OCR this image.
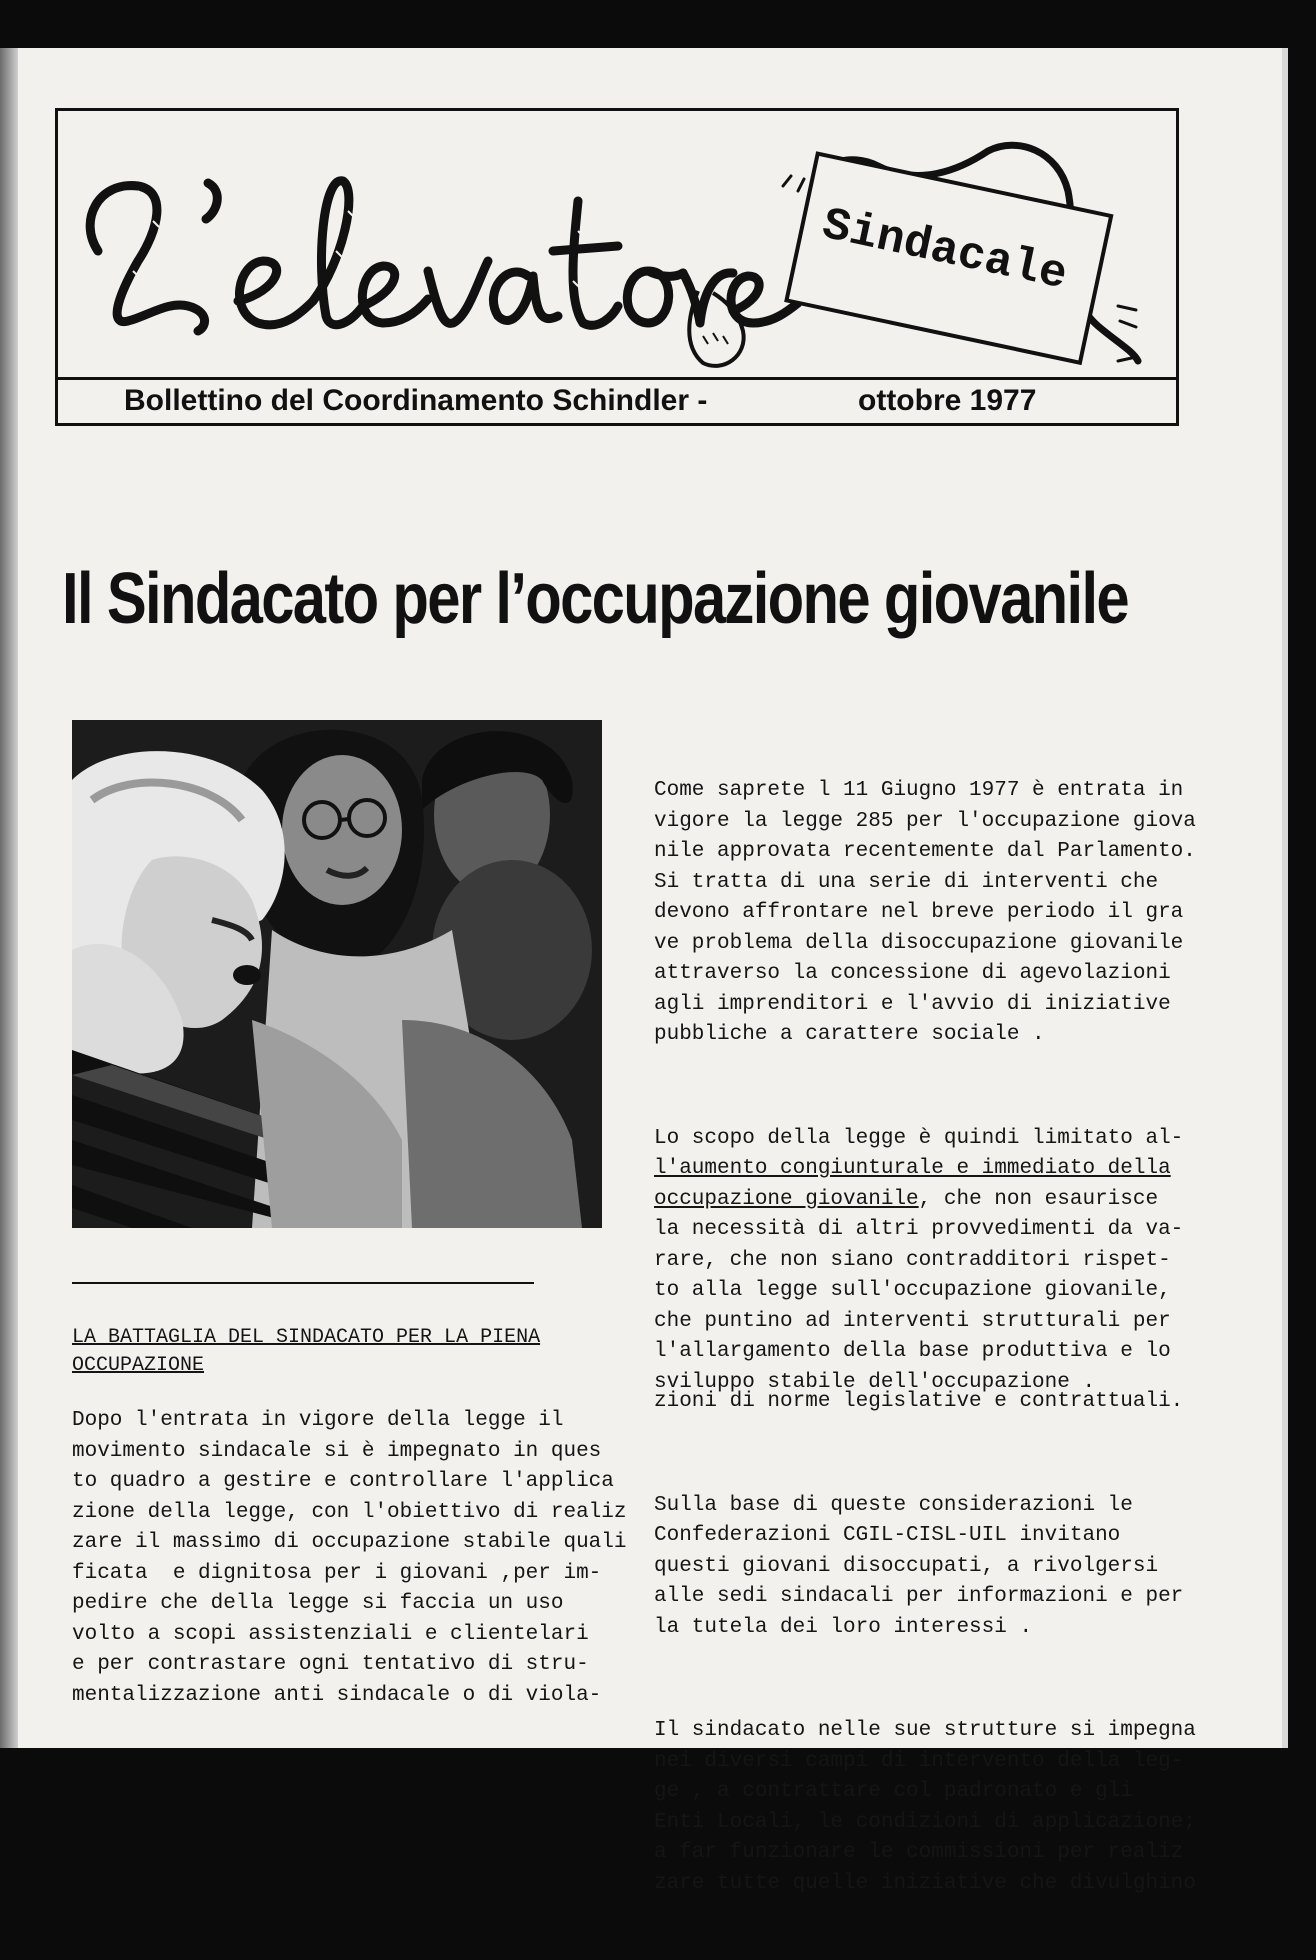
Sindacale
Bollettino del Coordinamento Schindler -	ottobre 1977
Il Sindacato per l’occupazione giovanile

Come saprete l 11 Giugno 1977 è entrata in
vigore la legge 285 per l'occupazione giova
nile approvata recentemente dal Parlamento.
Si tratta di una serie di interventi che
devono affrontare nel breve periodo il gra
ve problema della disoccupazione giovanile
attraverso la concessione di agevolazioni
agli imprenditori e l'avvio di iniziative
pubbliche a carattere sociale .

Lo scopo della legge è quindi limitato al-
l'aumento congiunturale e immediato della
occupazione giovanile, che non esaurisce
la necessità di altri provvedimenti da va-
rare, che non siano contradditori rispet-
to alla legge sull'occupazione giovanile,
che puntino ad interventi strutturali per
l'allargamento della base produttiva e lo
sviluppo stabile dell'occupazione .

LA BATTAGLIA DEL SINDACATO PER LA PIENA
OCCUPAZIONE
Dopo l'entrata in vigore della legge il
movimento sindacale si è impegnato in ques
to quadro a gestire e controllare l'applica
zione della legge, con l'obiettivo di realiz
zare il massimo di occupazione stabile quali
ficata  e dignitosa per i giovani ,per im-
pedire che della legge si faccia un uso
volto a scopi assistenziali e clientelari
e per contrastare ogni tentativo di stru-
mentalizzazione anti sindacale o di viola-

zioni di norme legislative e contrattuali.

Sulla base di queste considerazioni le
Confederazioni CGIL-CISL-UIL invitano
questi giovani disoccupati, a rivolgersi
alle sedi sindacali per informazioni e per
la tutela dei loro interessi .

Il sindacato nelle sue strutture si impegna
nei diversi campi di intervento della leg-
ge , a contrattare col padronato e gli
Enti Locali, le condizioni di applicazione;
a far funzionare le commissioni per realiz
zare tutte quelle iniziative che divulghino
